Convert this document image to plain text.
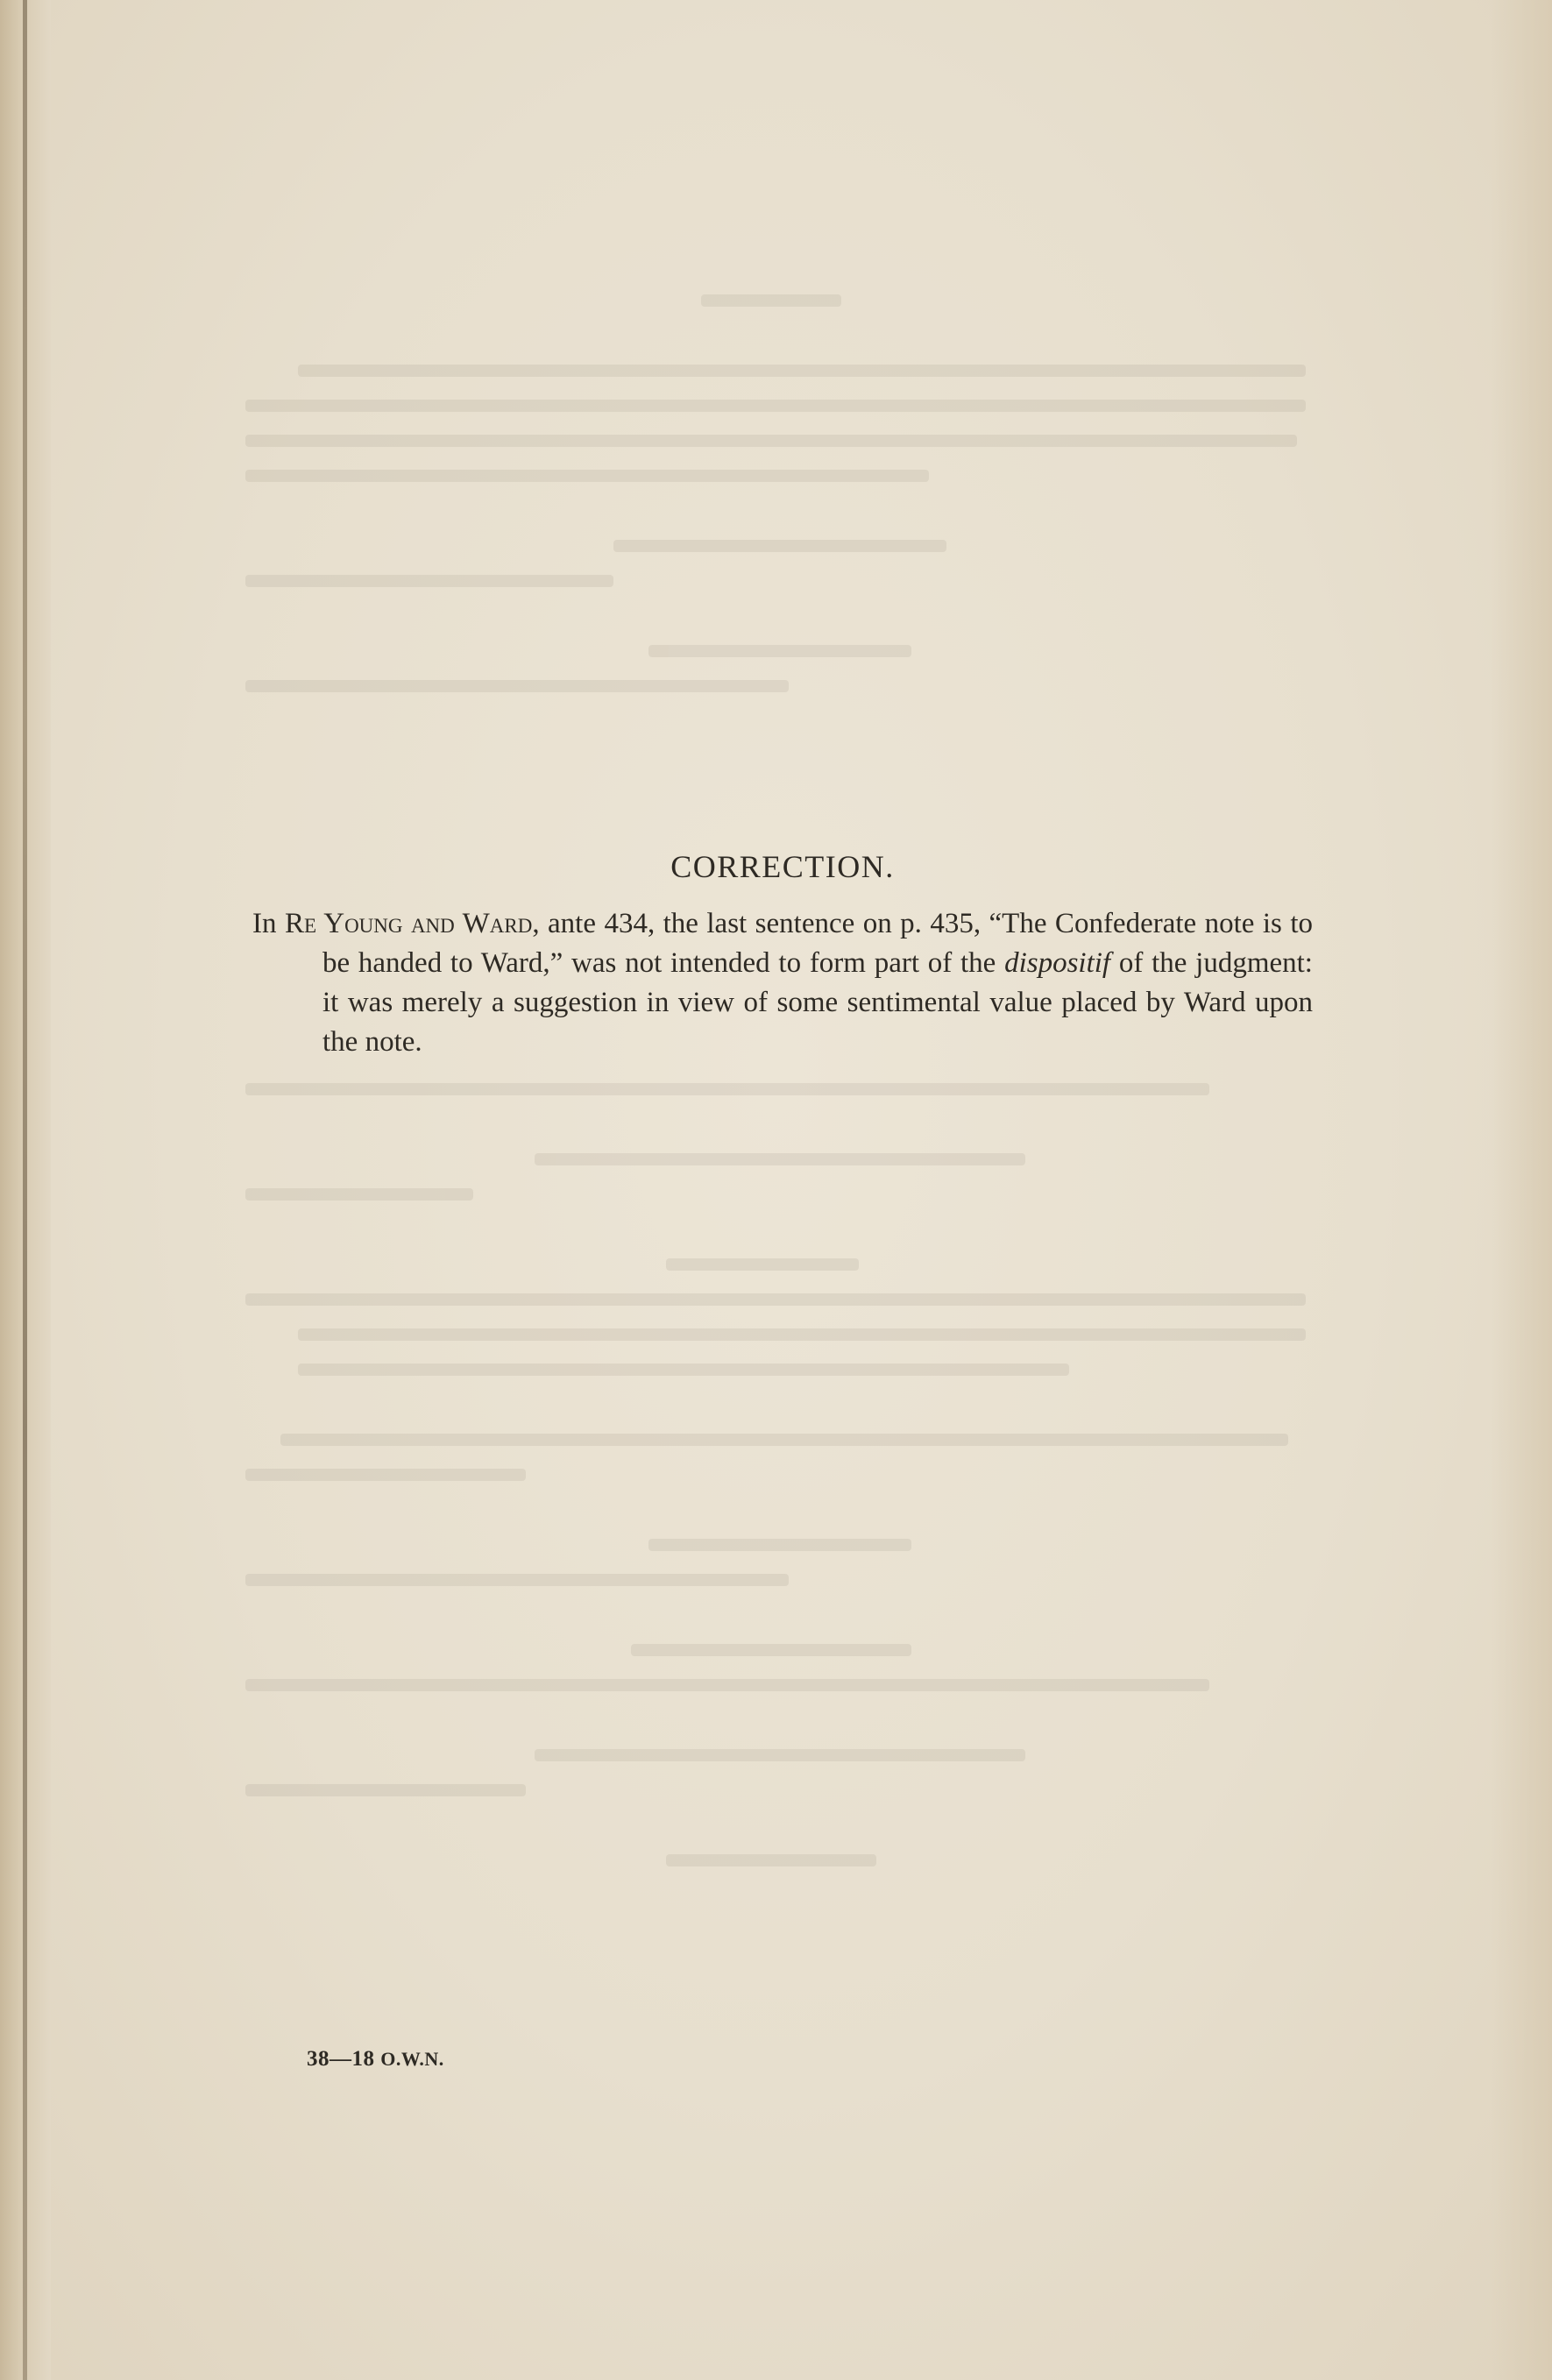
CORRECTION.

In Re Young and Ward, ante 434, the last sentence on p. 435, “The Confederate note is to be handed to Ward,” was not intended to form part of the dispositif of the judgment: it was merely a suggestion in view of some sentimental value placed by Ward upon the note.

38—18 O.W.N.
